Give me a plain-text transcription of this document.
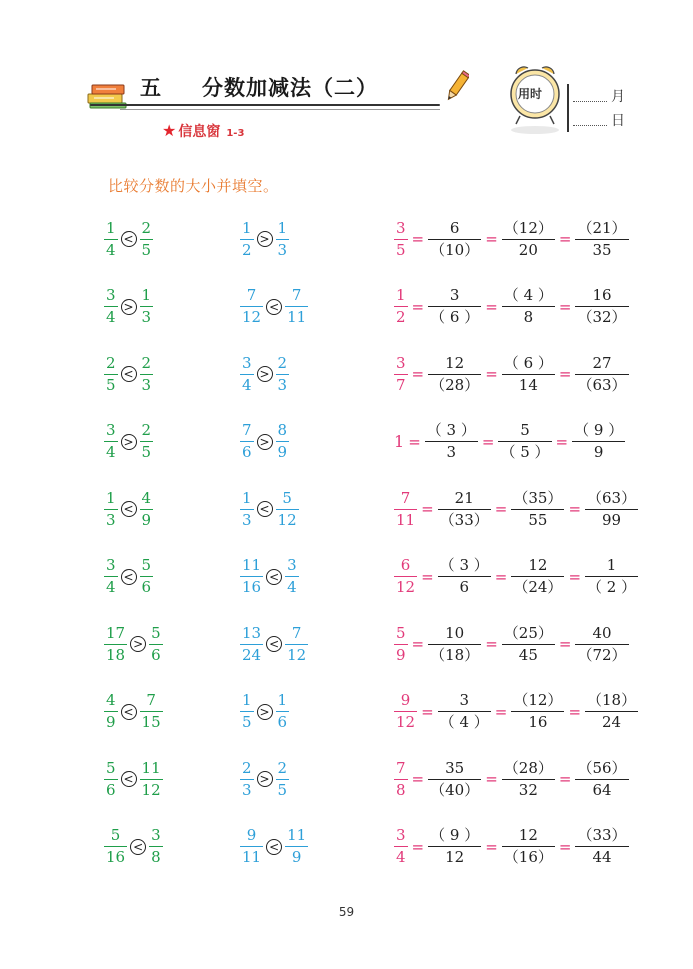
五 分数加减法（二）
★ 信息窗 1-3
用时	月
日
比较分数的大小并填空。
$\frac{1}{4} < \frac{2}{5}$
$\frac{3}{4} > \frac{1}{3}$
$\frac{2}{5} < \frac{2}{3}$
$\frac{3}{4} > \frac{2}{5}$
$\frac{1}{3} < \frac{4}{9}$
$\frac{3}{4} < \frac{5}{6}$
$\frac{17}{18} > \frac{5}{6}$
$\frac{4}{9} < \frac{7}{15}$
$\frac{5}{6} < \frac{11}{12}$
$\frac{5}{16} < \frac{3}{8}$
$\frac{1}{2} > \frac{1}{3}$
$\frac{7}{12} < \frac{7}{11}$
$\frac{3}{4} > \frac{2}{3}$
$\frac{7}{6} > \frac{8}{9}$
$\frac{1}{3} < \frac{5}{12}$
$\frac{11}{16} < \frac{3}{4}$
$\frac{13}{24} < \frac{7}{12}$
$\frac{1}{5} > \frac{1}{6}$
$\frac{2}{3} > \frac{2}{5}$
$\frac{9}{11} < \frac{11}{9}$
$\frac{3}{5} = \frac{6}{(10)} = \frac{(12)}{20} = \frac{(21)}{35}$
$\frac{1}{2} = \frac{3}{( 6 )} = \frac{( 4 )}{8} = \frac{16}{(32)}$
$\frac{3}{7} = \frac{12}{(28)} = \frac{( 6 )}{14} = \frac{27}{(63)}$
$1 = \frac{( 3 )}{3} = \frac{5}{( 5 )} = \frac{( 9 )}{9}$
$\frac{7}{11} = \frac{21}{(33)} = \frac{(35)}{55} = \frac{(63)}{99}$
$\frac{6}{12} = \frac{( 3 )}{6} = \frac{12}{(24)} = \frac{1}{( 2 )}$
$\frac{5}{9} = \frac{10}{(18)} = \frac{(25)}{45} = \frac{40}{(72)}$
$\frac{9}{12} = \frac{3}{( 4 )} = \frac{(12)}{16} = \frac{(18)}{24}$
$\frac{7}{8} = \frac{35}{(40)} = \frac{(28)}{32} = \frac{(56)}{64}$
$\frac{3}{4} = \frac{( 9 )}{12} = \frac{12}{(16)} = \frac{(33)}{44}$
59
